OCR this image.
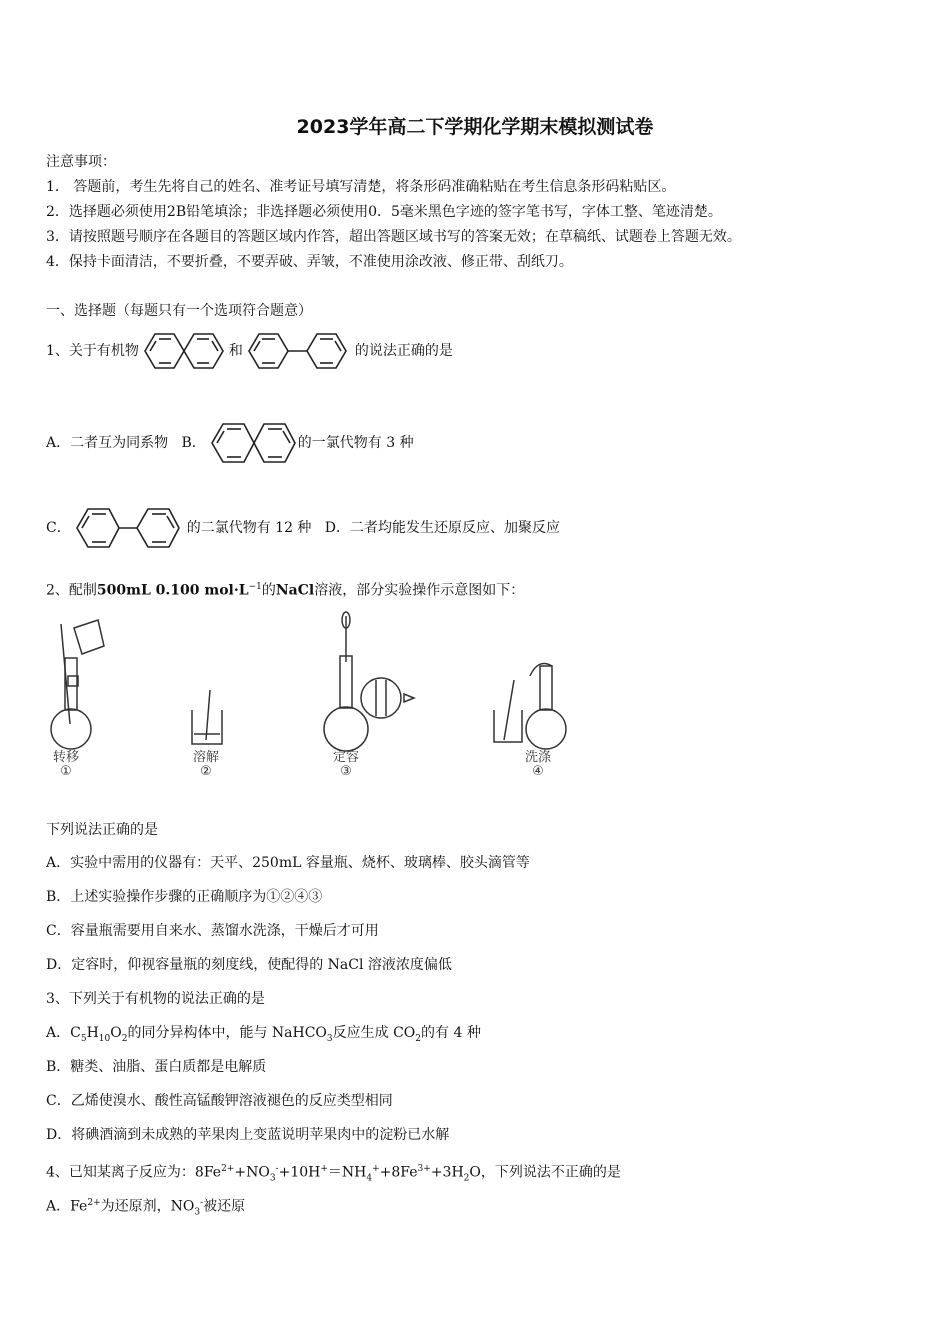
2023学年高二下学期化学期末模拟测试卷
注意事项：
1． 答题前，考生先将自己的姓名、准考证号填写清楚，将条形码准确粘贴在考生信息条形码粘贴区。
2．选择题必须使用2B铅笔填涂；非选择题必须使用0．5毫米黑色字迹的签字笔书写，字体工整、笔迹清楚。
3．请按照题号顺序在各题目的答题区域内作答，超出答题区域书写的答案无效；在草稿纸、试题卷上答题无效。
4．保持卡面清洁，不要折叠，不要弄破、弄皱，不准使用涂改液、修正带、刮纸刀。
一、选择题（每题只有一个选项符合题意）
1、关于有机物	和	的说法正确的是
A．二者互为同系物 B．	的一氯代物有 3 种
C．	的二氯代物有 12 种 D．二者均能发生还原反应、加聚反应
2、配制500mL 0.100 $mol\cdot L^{-1}$的NaCl溶液，部分实验操作示意图如下：
转移
①
溶解
②
定容
③
洗涤
④
下列说法正确的是
A．实验中需用的仪器有：天平、250mL 容量瓶、烧杯、玻璃棒、胶头滴管等
B．上述实验操作步骤的正确顺序为①②④③
C．容量瓶需要用自来水、蒸馏水洗涤，干燥后才可用
D．定容时，仰视容量瓶的刻度线，使配得的 NaCl 溶液浓度偏低
3、下列关于有机物的说法正确的是
A．$C_5H_{10}O_2$的同分异构体中，能与 NaHCO$_3$反应生成 $CO_2$的有 4 种
B．糖类、油脂、蛋白质都是电解质
C．乙烯使溴水、酸性高锰酸钾溶液褪色的反应类型相同
D．将碘酒滴到未成熟的苹果肉上变蓝说明苹果肉中的淀粉已水解
4、已知某离子反应为：$8Fe^{2+}+NO_3^-+10H^+=NH_4^++8Fe^{3+}+3H_2O$，下列说法不正确的是
A．$Fe^{2+}$为还原剂，$NO_3^-$被还原
